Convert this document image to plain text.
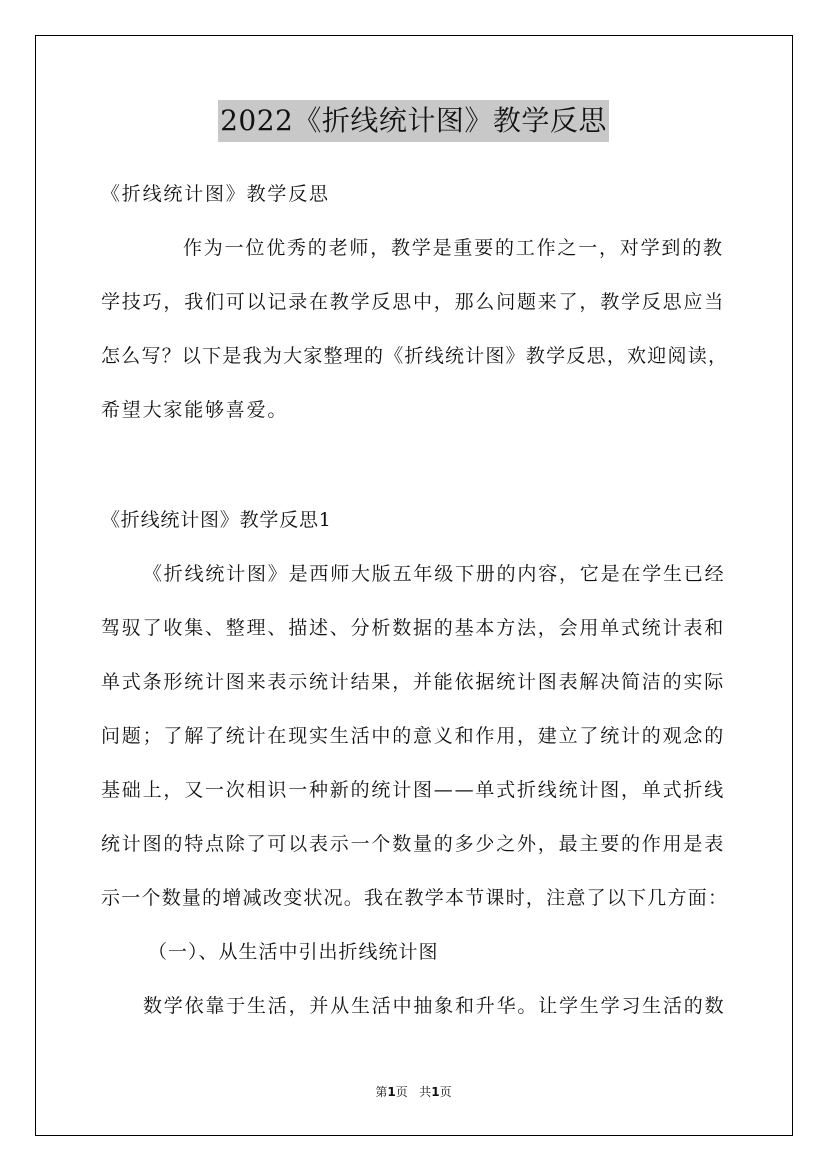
2022《折线统计图》教学反思
《折线统计图》教学反思
作为一位优秀的老师，教学是重要的工作之一，对学到的教
学技巧，我们可以记录在教学反思中，那么问题来了，教学反思应当
怎么写？以下是我为大家整理的《折线统计图》教学反思，欢迎阅读，
希望大家能够喜爱。
《折线统计图》教学反思1
《折线统计图》是西师大版五年级下册的内容，它是在学生已经
驾驭了收集、整理、描述、分析数据的基本方法，会用单式统计表和
单式条形统计图来表示统计结果，并能依据统计图表解决简洁的实际
问题；了解了统计在现实生活中的意义和作用，建立了统计的观念的
基础上，又一次相识一种新的统计图——单式折线统计图，单式折线
统计图的特点除了可以表示一个数量的多少之外，最主要的作用是表
示一个数量的增减改变状况。我在教学本节课时，注意了以下几方面：
（一）、从生活中引出折线统计图
数学依靠于生活，并从生活中抽象和升华。让学生学习生活的数
第1页 共1页
